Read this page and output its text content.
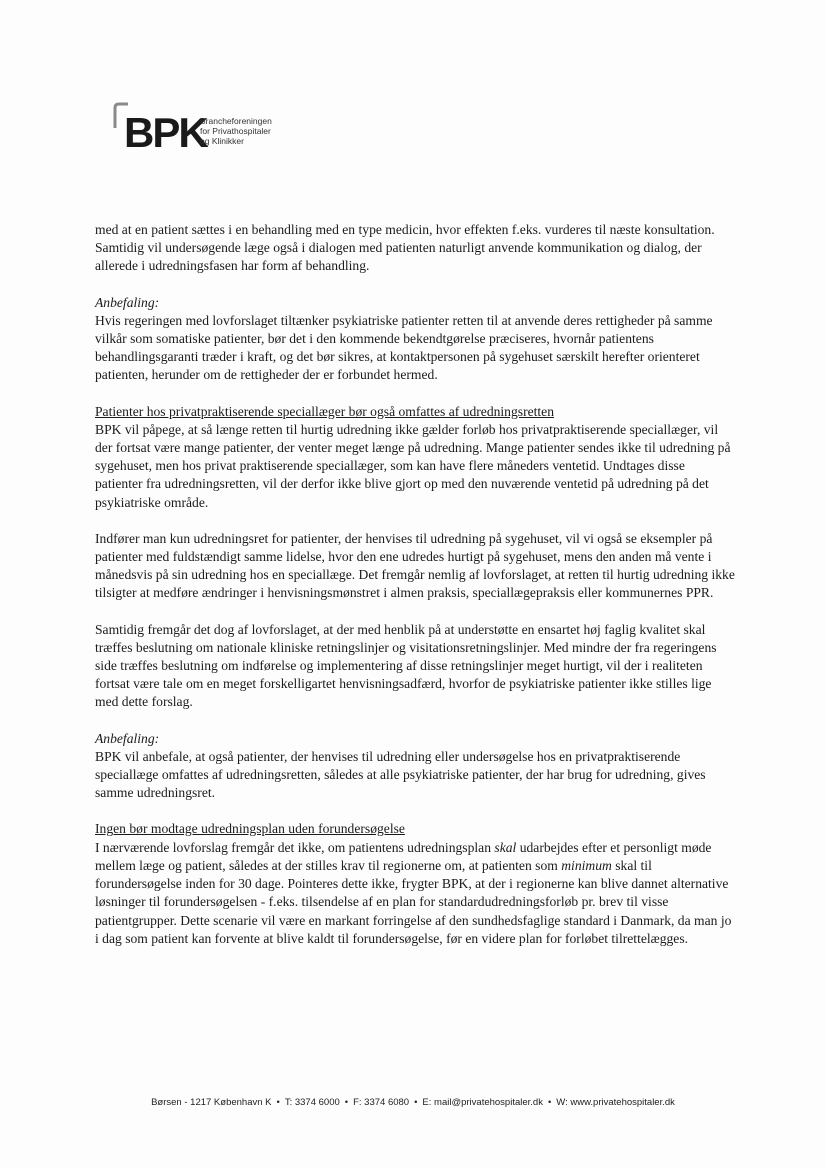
BPK
Brancheforeningen
for Privathospitaler
og Klinikker

med at en patient sættes i en behandling med en type medicin, hvor effekten f.eks. vurderes til næste konsultation. Samtidig vil undersøgende læge også i dialogen med patienten naturligt anvende kommunikation og dialog, der allerede i udredningsfasen har form af behandling.

Anbefaling:
Hvis regeringen med lovforslaget tiltænker psykiatriske patienter retten til at anvende deres rettigheder på samme vilkår som somatiske patienter, bør det i den kommende bekendtgørelse præciseres, hvornår patientens behandlingsgaranti træder i kraft, og det bør sikres, at kontaktpersonen på sygehuset særskilt herefter orienteret patienten, herunder om de rettigheder der er forbundet hermed.

Patienter hos privatpraktiserende speciallæger bør også omfattes af udredningsretten
BPK vil påpege, at så længe retten til hurtig udredning ikke gælder forløb hos privatpraktiserende speciallæger, vil der fortsat være mange patienter, der venter meget længe på udredning. Mange patienter sendes ikke til udredning på sygehuset, men hos privat praktiserende speciallæger, som kan have flere måneders ventetid. Undtages disse patienter fra udredningsretten, vil der derfor ikke blive gjort op med den nuværende ventetid på udredning på det psykiatriske område.

Indfører man kun udredningsret for patienter, der henvises til udredning på sygehuset, vil vi også se eksempler på patienter med fuldstændigt samme lidelse, hvor den ene udredes hurtigt på sygehuset, mens den anden må vente i månedsvis på sin udredning hos en speciallæge. Det fremgår nemlig af lovforslaget, at retten til hurtig udredning ikke tilsigter at medføre ændringer i henvisningsmønstret i almen praksis, speciallægepraksis eller kommunernes PPR.

Samtidig fremgår det dog af lovforslaget, at der med henblik på at understøtte en ensartet høj faglig kvalitet skal træffes beslutning om nationale kliniske retningslinjer og visitationsretningslinjer. Med mindre der fra regeringens side træffes beslutning om indførelse og implementering af disse retningslinjer meget hurtigt, vil der i realiteten fortsat være tale om en meget forskelligartet henvisningsadfærd, hvorfor de psykiatriske patienter ikke stilles lige med dette forslag.

Anbefaling:
BPK vil anbefale, at også patienter, der henvises til udredning eller undersøgelse hos en privatpraktiserende speciallæge omfattes af udredningsretten, således at alle psykiatriske patienter, der har brug for udredning, gives samme udredningsret.

Ingen bør modtage udredningsplan uden forundersøgelse
I nærværende lovforslag fremgår det ikke, om patientens udredningsplan skal udarbejdes efter et personligt møde mellem læge og patient, således at der stilles krav til regionerne om, at patienten som minimum skal til forundersøgelse inden for 30 dage. Pointeres dette ikke, frygter BPK, at der i regionerne kan blive dannet alternative løsninger til forundersøgelsen - f.eks. tilsendelse af en plan for standardudredningsforløb pr. brev til visse patientgrupper. Dette scenarie vil være en markant forringelse af den sundhedsfaglige standard i Danmark, da man jo i dag som patient kan forvente at blive kaldt til forundersøgelse, før en videre plan for forløbet tilrettelægges.

Børsen - 1217 København K • T: 3374 6000 • F: 3374 6080 • E: mail@privatehospitaler.dk • W: www.privatehospitaler.dk
